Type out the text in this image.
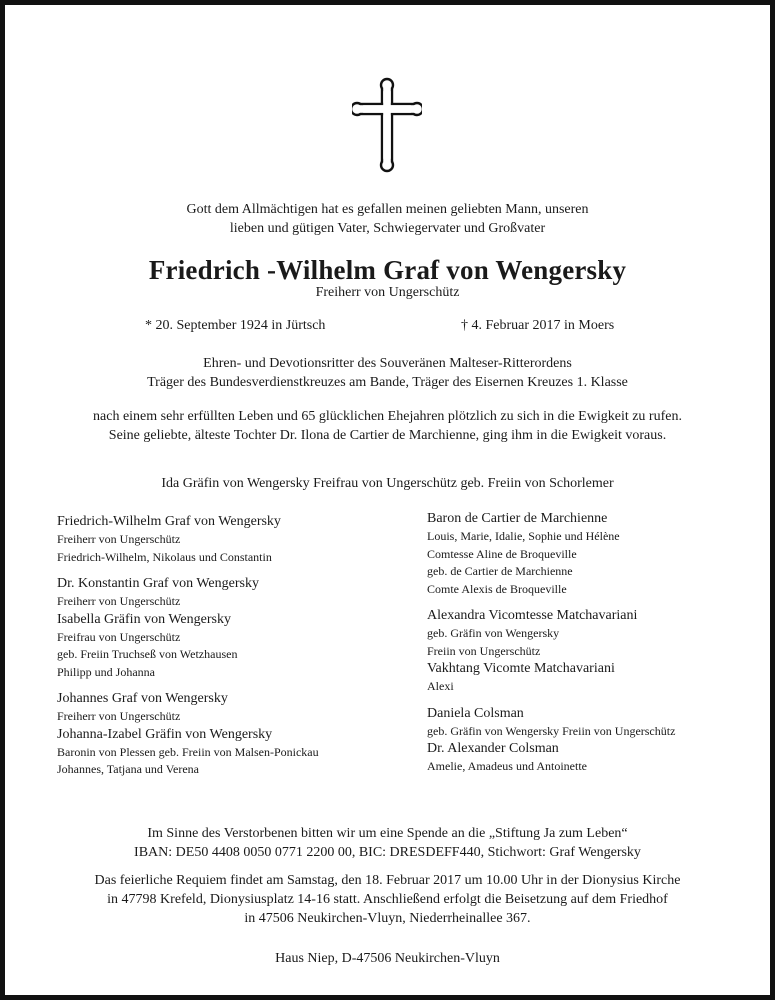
Gott dem Allmächtigen hat es gefallen meinen geliebten Mann, unseren
lieben und gütigen Vater, Schwiegervater und Großvater
Friedrich -Wilhelm Graf von Wengersky
Freiherr von Ungerschütz
* 20. September 1924 in Jürtsch	† 4. Februar 2017 in Moers
Ehren- und Devotionsritter des Souveränen Malteser-Ritterordens
Träger des Bundesverdienstkreuzes am Bande, Träger des Eisernen Kreuzes 1. Klasse
nach einem sehr erfüllten Leben und 65 glücklichen Ehejahren plötzlich zu sich in die Ewigkeit zu rufen.
Seine geliebte, älteste Tochter Dr. Ilona de Cartier de Marchienne, ging ihm in die Ewigkeit voraus.
Ida Gräfin von Wengersky Freifrau von Ungerschütz geb. Freiin von Schorlemer
Friedrich-Wilhelm Graf von Wengersky
Freiherr von Ungerschütz
Friedrich-Wilhelm, Nikolaus und Constantin
Dr. Konstantin Graf von Wengersky
Freiherr von Ungerschütz
Isabella Gräfin von Wengersky
Freifrau von Ungerschütz
geb. Freiin Truchseß von Wetzhausen
Philipp und Johanna
Johannes Graf von Wengersky
Freiherr von Ungerschütz
Johanna-Izabel Gräfin von Wengersky
Baronin von Plessen geb. Freiin von Malsen-Ponickau
Johannes, Tatjana und Verena
Baron de Cartier de Marchienne
Louis, Marie, Idalie, Sophie und Hélène
Comtesse Aline de Broqueville
geb. de Cartier de Marchienne
Comte Alexis de Broqueville
Alexandra Vicomtesse Matchavariani
geb. Gräfin von Wengersky
Freiin von Ungerschütz
Vakhtang Vicomte Matchavariani
Alexi
Daniela Colsman
geb. Gräfin von Wengersky Freiin von Ungerschütz
Dr. Alexander Colsman
Amelie, Amadeus und Antoinette
Im Sinne des Verstorbenen bitten wir um eine Spende an die „Stiftung Ja zum Leben“
IBAN: DE50 4408 0050 0771 2200 00, BIC: DRESDEFF440, Stichwort: Graf Wengersky
Das feierliche Requiem findet am Samstag, den 18. Februar 2017 um 10.00 Uhr in der Dionysius Kirche
in 47798 Krefeld, Dionysiusplatz 14-16 statt. Anschließend erfolgt die Beisetzung auf dem Friedhof
in 47506 Neukirchen-Vluyn, Niederrheinallee 367.
Haus Niep, D-47506 Neukirchen-Vluyn
